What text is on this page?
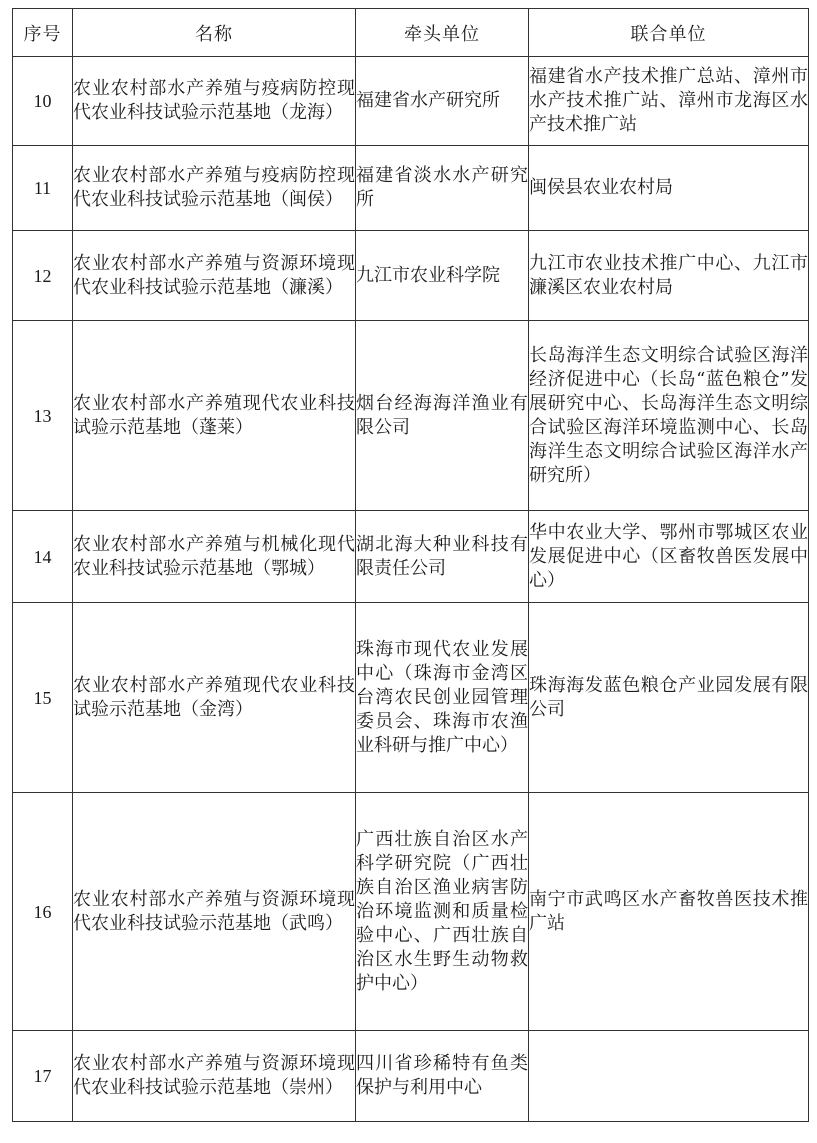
序号	名称	牵头单位	联合单位
10	农业农村部水产养殖与疫病防控现代农业科技试验示范基地（龙海）	福建省水产研究所	福建省水产技术推广总站、漳州市水产技术推广站、漳州市龙海区水产技术推广站
11	农业农村部水产养殖与疫病防控现代农业科技试验示范基地（闽侯）	福建省淡水水产研究所	闽侯县农业农村局
12	农业农村部水产养殖与资源环境现代农业科技试验示范基地（濂溪）	九江市农业科学院	九江市农业技术推广中心、九江市濂溪区农业农村局
13	农业农村部水产养殖现代农业科技试验示范基地（蓬莱）	烟台经海海洋渔业有限公司	长岛海洋生态文明综合试验区海洋经济促进中心（长岛“蓝色粮仓”发展研究中心、长岛海洋生态文明综合试验区海洋环境监测中心、长岛海洋生态文明综合试验区海洋水产研究所）
14	农业农村部水产养殖与机械化现代农业科技试验示范基地（鄂城）	湖北海大种业科技有限责任公司	华中农业大学、鄂州市鄂城区农业发展促进中心（区畜牧兽医发展中心）
15	农业农村部水产养殖现代农业科技试验示范基地（金湾）	珠海市现代农业发展中心（珠海市金湾区台湾农民创业园管理委员会、珠海市农渔业科研与推广中心）	珠海海发蓝色粮仓产业园发展有限公司
16	农业农村部水产养殖与资源环境现代农业科技试验示范基地（武鸣）	广西壮族自治区水产科学研究院（广西壮族自治区渔业病害防治环境监测和质量检验中心、广西壮族自治区水生野生动物救护中心）	南宁市武鸣区水产畜牧兽医技术推广站
17	农业农村部水产养殖与资源环境现代农业科技试验示范基地（崇州）	四川省珍稀特有鱼类保护与利用中心	
